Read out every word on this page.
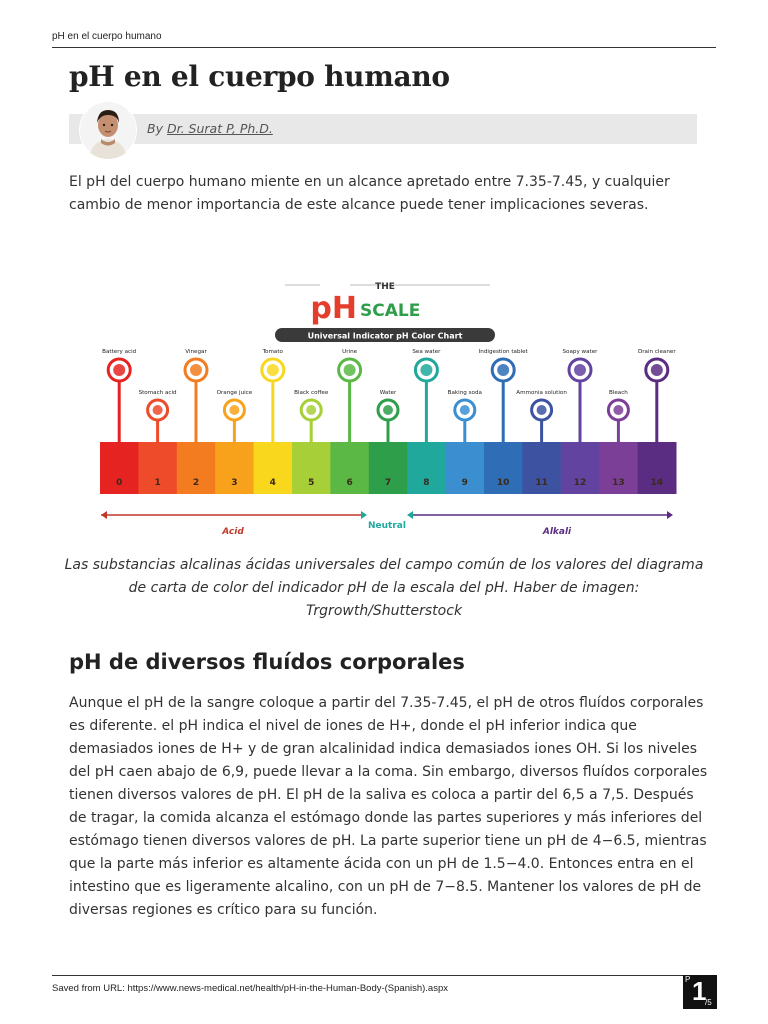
pH en el cuerpo humano
pH en el cuerpo humano
By Dr. Surat P, Ph.D.

El pH del cuerpo humano miente en un alcance apretado entre 7.35-7.45, y cualquier cambio de menor importancia de este alcance puede tener implicaciones severas.

THE
pH SCALE
Universal Indicator pH Color Chart
0	1	2	3	4	5	6	7	8	9	10	11	12	13	14
Battery acid	Vinegar	Tomato	Urine	Sea water	Indigestion tablet	Soapy water	Drain cleaner
Stomach acid	Orange juice	Black coffee	Water	Baking soda	Ammonia solution	Bleach
Acid
Neutral
Alkali

Las substancias alcalinas ácidas universales del campo común de los valores del diagrama de carta de color del indicador pH de la escala del pH. Haber de imagen: Trgrowth/Shutterstock

pH de diversos fluídos corporales

Aunque el pH de la sangre coloque a partir del 7.35-7.45, el pH de otros fluídos corporales es diferente. el pH indica el nivel de iones de H+, donde el pH inferior indica que demasiados iones de H+ y de gran alcalinidad indica demasiados iones OH. Si los niveles del pH caen abajo de 6,9, puede llevar a la coma. Sin embargo, diversos fluídos corporales tienen diversos valores de pH. El pH de la saliva es coloca a partir del 6,5 a 7,5. Después de tragar, la comida alcanza el estómago donde las partes superiores y más inferiores del estómago tienen diversos valores de pH. La parte superior tiene un pH de 4−6.5, mientras que la parte más inferior es altamente ácida con un pH de 1.5−4.0. Entonces entra en el intestino que es ligeramente alcalino, con un pH de 7−8.5. Mantener los valores de pH de diversas regiones es crítico para su función.

Saved from URL: https://www.news-medical.net/health/pH-in-the-Human-Body-(Spanish).aspx
P 1
/5
